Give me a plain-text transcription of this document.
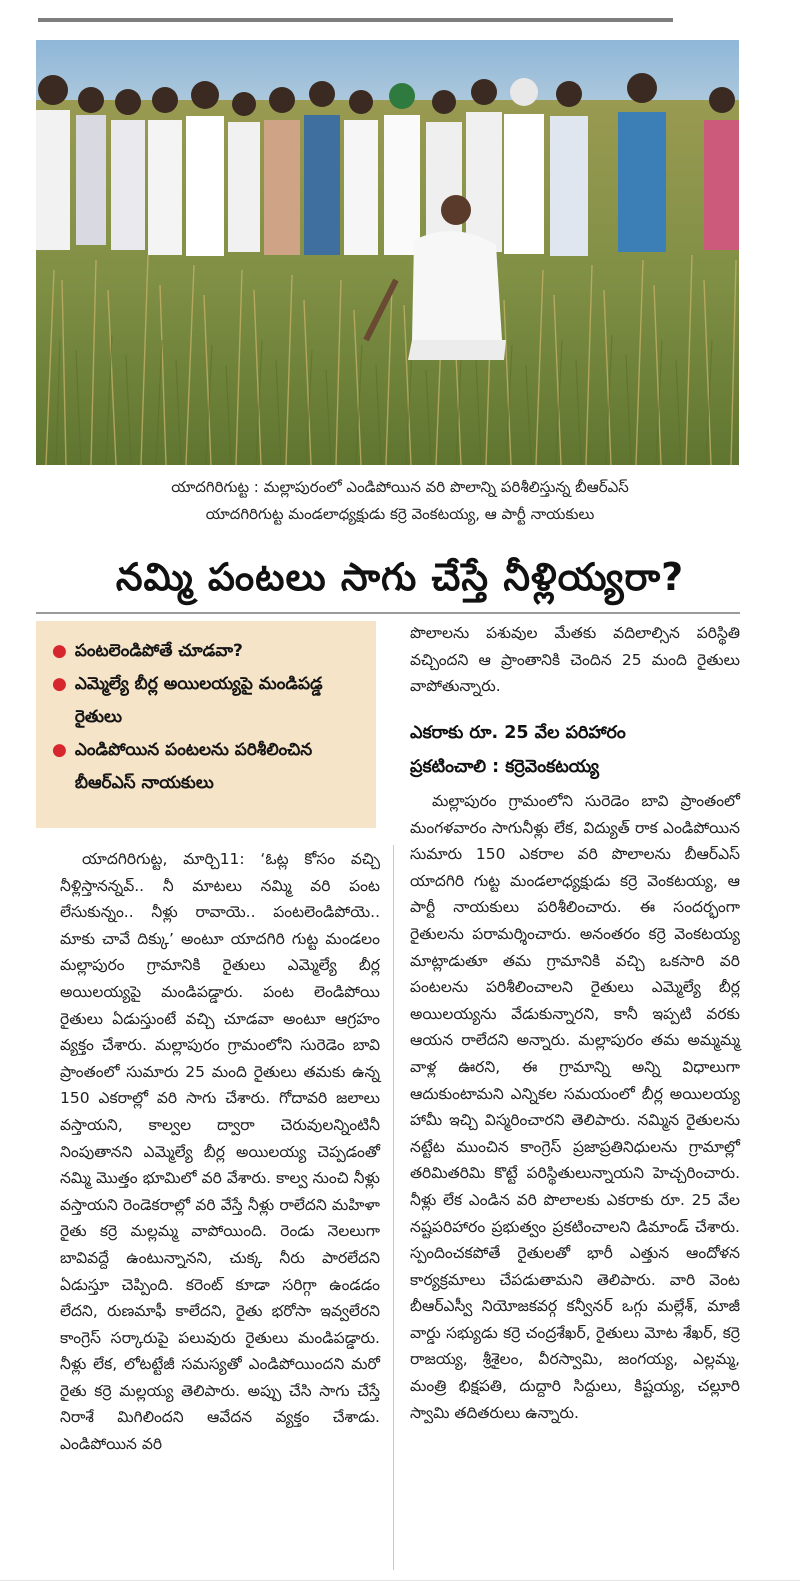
యాదగిరిగుట్ట : మల్లాపురంలో ఎండిపోయిన వరి పొలాన్ని పరిశీలిస్తున్న బీఆర్ఎస్
యాదగిరిగుట్ట మండలాధ్యక్షుడు కర్రె వెంకటయ్య, ఆ పార్టీ నాయకులు
నమ్మి పంటలు సాగు చేస్తే నీళ్లియ్యరా?
● పంటలెండిపోతే చూడవా?
● ఎమ్మెల్యే బీర్ల అయిలయ్యపై మండిపడ్డ రైతులు
● ఎండిపోయిన పంటలను పరిశీలించిన బీఆర్ఎస్ నాయకులు

పొలాలను పశువుల మేతకు వదిలాల్సిన పరిస్థితి వచ్చిందని ఆ ప్రాంతానికి చెందిన 25 మంది రైతులు వాపోతున్నారు.

ఎకరాకు రూ. 25 వేల పరిహారం
ప్రకటించాలి : కర్రెవెంకటయ్య

యాదగిరిగుట్ట, మార్చి11: ‘ఓట్ల కోసం వచ్చి నీళ్లిస్తానన్నవ్.. నీ మాటలు నమ్మి వరి పంట లేసుకున్నం.. నీళ్లు రావాయె.. పంటలెండిపోయె.. మాకు చావే దిక్కు’ అంటూ యాదగిరి గుట్ట మండలం మల్లాపురం గ్రామానికి రైతులు ఎమ్మెల్యే బీర్ల అయిలయ్యపై మండిపడ్డారు. పంట లెండిపోయి రైతులు ఏడుస్తుంటే వచ్చి చూడవా అంటూ ఆగ్రహం వ్యక్తం చేశారు. మల్లాపురం గ్రామంలోని సురెడెం బావి ప్రాంతంలో సుమారు 25 మంది రైతులు తమకు ఉన్న 150 ఎకరాల్లో వరి సాగు చేశారు. గోదావరి జలాలు వస్తాయని, కాల్వల ద్వారా చెరువులన్నింటినీ నింపుతానని ఎమ్మెల్యే బీర్ల అయిలయ్య చెప్పడంతో నమ్మి మొత్తం భూమిలో వరి వేశారు. కాల్వ నుంచి నీళ్లు వస్తాయని రెండెకరాల్లో వరి వేస్తే నీళ్లు రాలేదని మహిళా రైతు కర్రె మల్లమ్మ వాపోయింది. రెండు నెలలుగా బావివద్దే ఉంటున్నానని, చుక్క నీరు పారలేదని ఏడుస్తూ చెప్పింది. కరెంట్ కూడా సరిగ్గా ఉండడం లేదని, రుణమాఫీ కాలేదని, రైతు భరోసా ఇవ్వలేరని కాంగ్రెస్ సర్కారుపై పలువురు రైతులు మండిపడ్డారు. నీళ్లు లేక, లోటట్టేజీ సమస్యతో ఎండిపోయిందని మరో రైతు కర్రె మల్లయ్య తెలిపారు. అప్పు చేసి సాగు చేస్తే నిరాశే మిగిలిందని ఆవేదన వ్యక్తం చేశాడు. ఎండిపోయిన వరి

మల్లాపురం గ్రామంలోని సురెడెం బావి ప్రాంతంలో మంగళవారం సాగునీళ్లు లేక, విద్యుత్ రాక ఎండిపోయిన సుమారు 150 ఎకరాల వరి పొలాలను బీఆర్ఎస్ యాదగిరి గుట్ట మండలాధ్యక్షుడు కర్రె వెంకటయ్య, ఆ పార్టీ నాయకులు పరిశీలించారు. ఈ సందర్భంగా రైతులను పరామర్శించారు. అనంతరం కర్రె వెంకటయ్య మాట్లాడుతూ తమ గ్రామానికి వచ్చి ఒకసారి వరి పంటలను పరిశీలించాలని రైతులు ఎమ్మెల్యే బీర్ల అయిలయ్యను వేడుకున్నారని, కానీ ఇప్పటి వరకు ఆయన రాలేదని అన్నారు. మల్లాపురం తమ అమ్మమ్మ వాళ్ల ఊరని, ఈ గ్రామాన్ని అన్ని విధాలుగా ఆదుకుంటామని ఎన్నికల సమయంలో బీర్ల అయిలయ్య హామీ ఇచ్చి విస్మరించారని తెలిపారు. నమ్మిన రైతులను నట్టేట ముంచిన కాంగ్రెస్ ప్రజాప్రతినిధులను గ్రామాల్లో తరిమితరిమి కొట్టే పరిస్థితులున్నాయని హెచ్చరించారు. నీళ్లు లేక ఎండిన వరి పొలాలకు ఎకరాకు రూ. 25 వేల నష్టపరిహారం ప్రభుత్వం ప్రకటించాలని డిమాండ్ చేశారు. స్పందించకపోతే రైతులతో భారీ ఎత్తున ఆందోళన కార్యక్రమాలు చేపడుతామని తెలిపారు. వారి వెంట బీఆర్ఎస్వీ నియోజకవర్గ కన్వీనర్ ఒగ్గు మల్లేశ్, మాజీ వార్డు సభ్యుడు కర్రె చంద్రశేఖర్, రైతులు మోట శేఖర్, కర్రె రాజయ్య, శ్రీశైలం, వీరస్వామి, జంగయ్య, ఎల్లమ్మ, మంత్రి భిక్షపతి, దుద్దారి సిద్దులు, కిష్టయ్య, చల్లూరి స్వామి తదితరులు ఉన్నారు.
